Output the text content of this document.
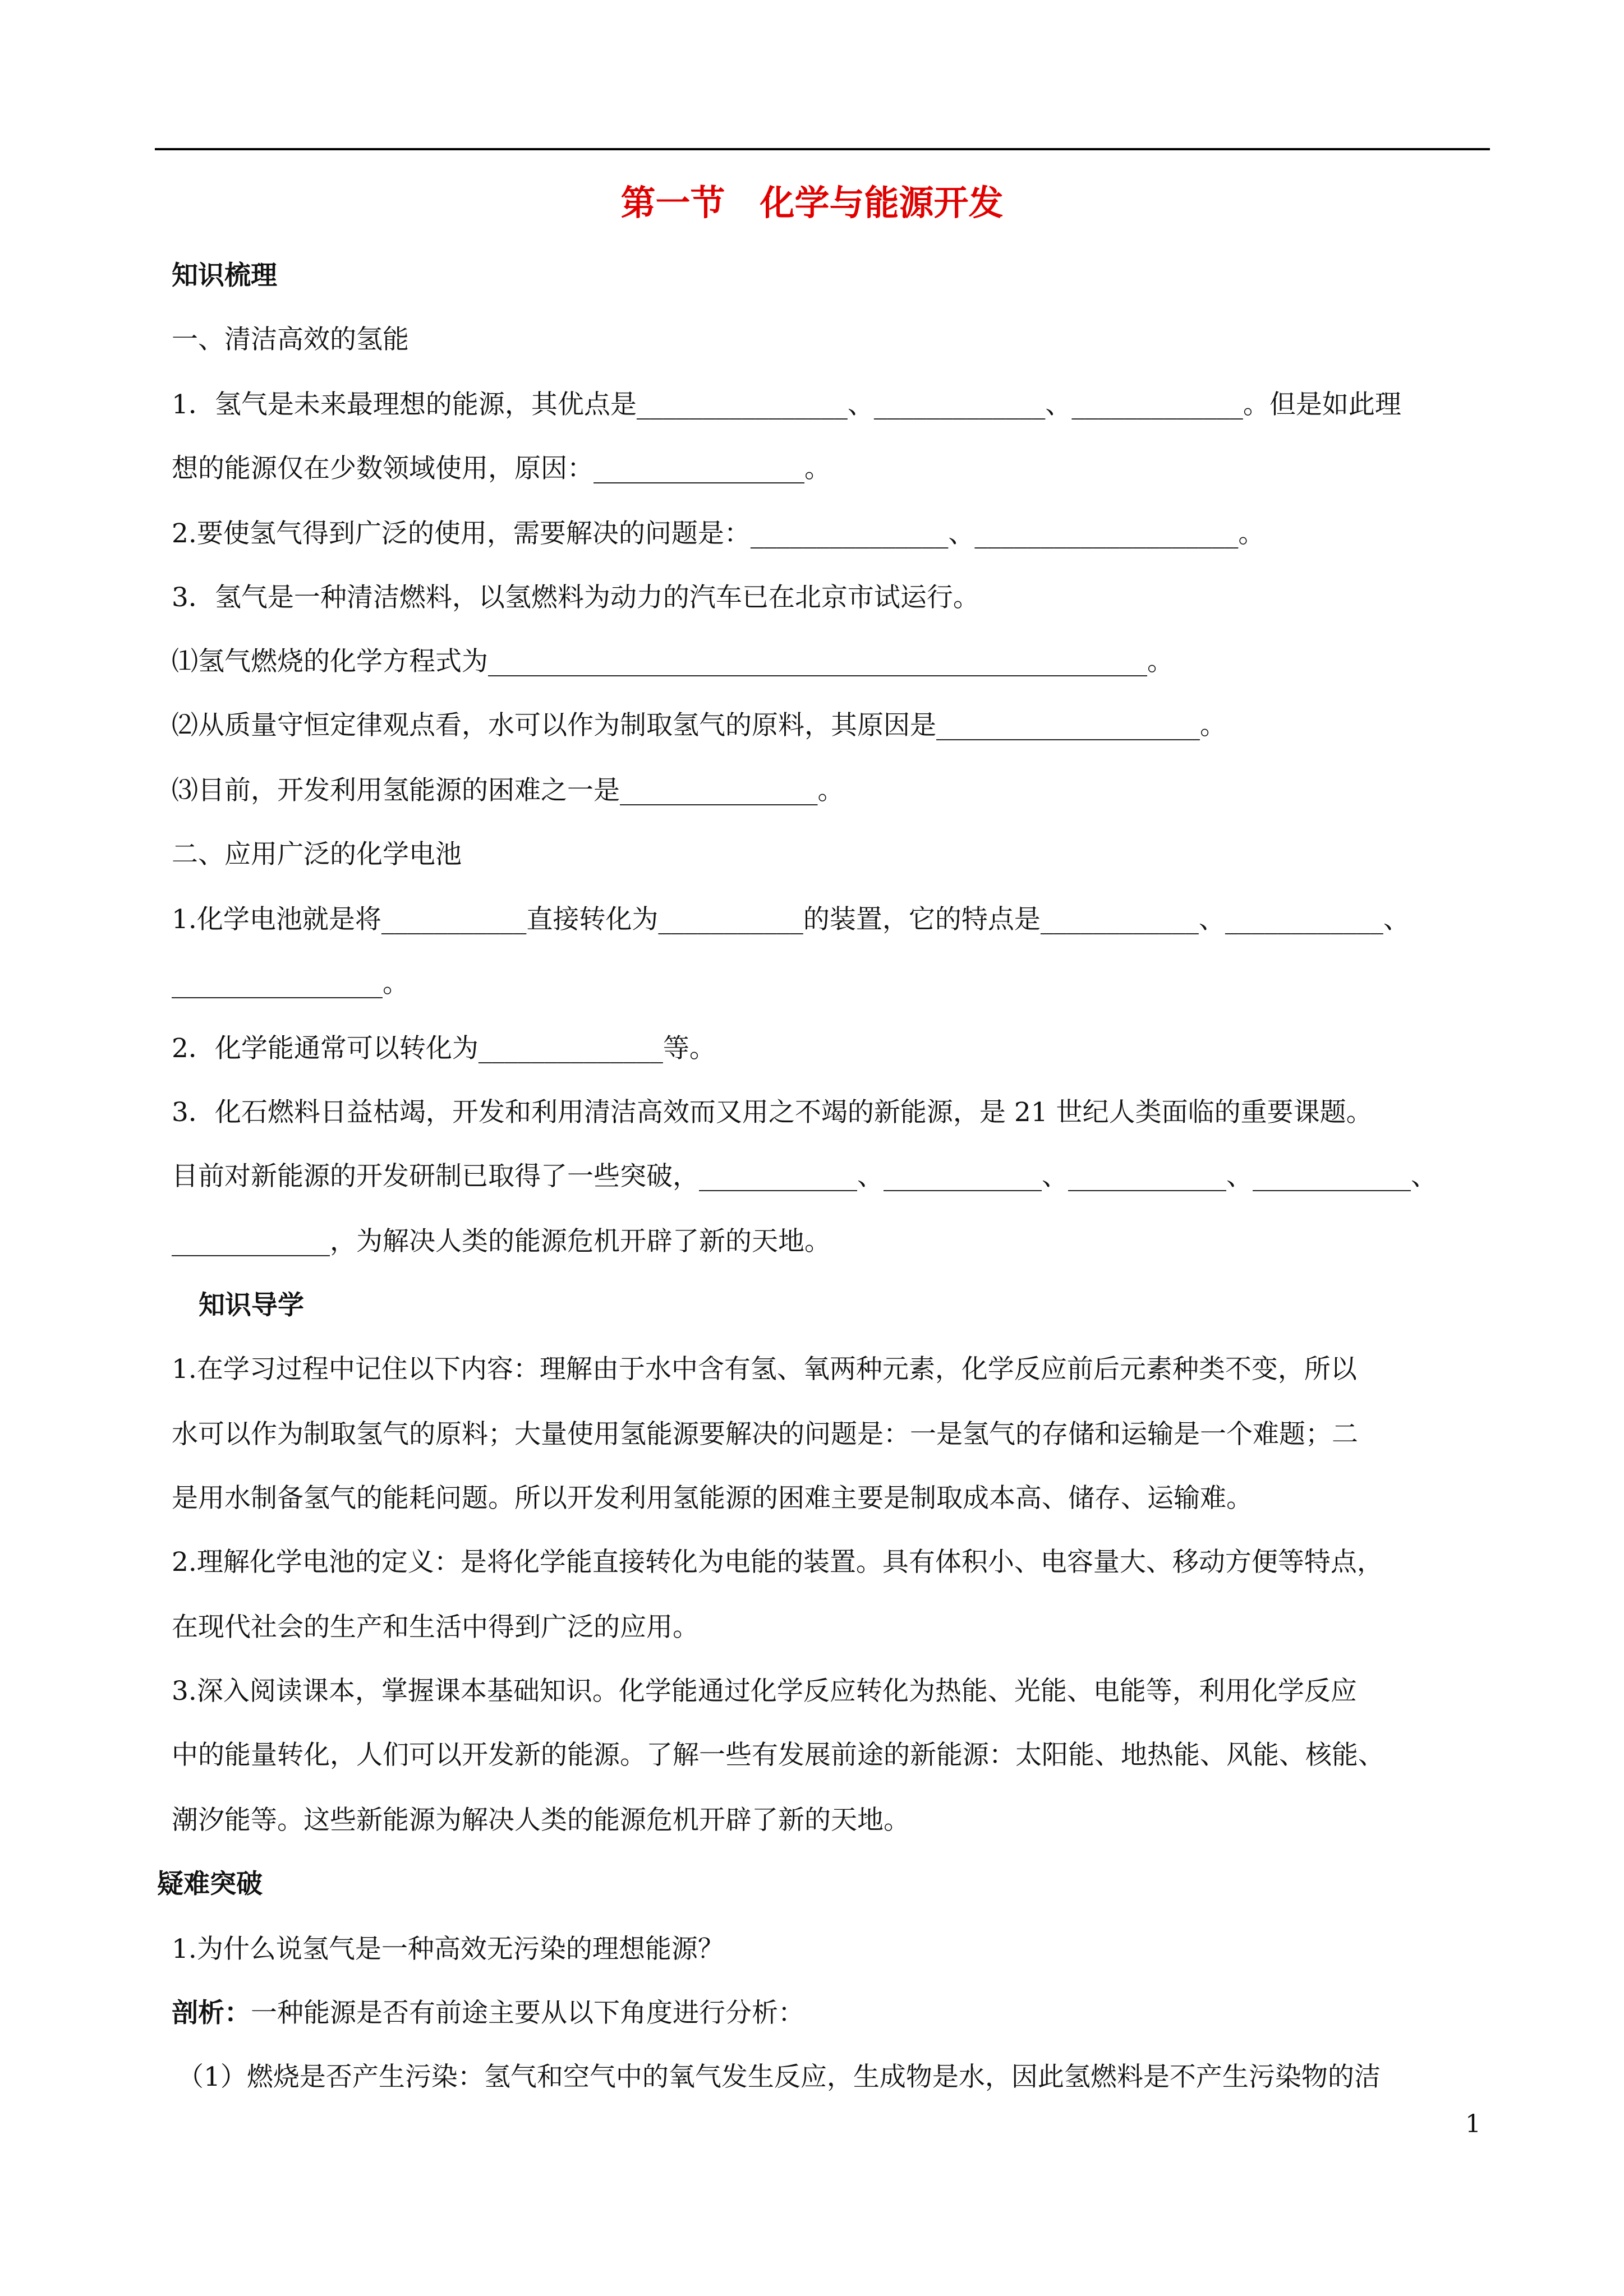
第一节　化学与能源开发
知识梳理
一、清洁高效的氢能
1．氢气是未来最理想的能源，其优点是________________、_____________、_____________。但是如此理
想的能源仅在少数领域使用，原因：________________。
2.要使氢气得到广泛的使用，需要解决的问题是：_______________、____________________。
3．氢气是一种清洁燃料，以氢燃料为动力的汽车已在北京市试运行。
⑴氢气燃烧的化学方程式为__________________________________________________。
⑵从质量守恒定律观点看，水可以作为制取氢气的原料，其原因是____________________。
⑶目前，开发利用氢能源的困难之一是_______________。
二、应用广泛的化学电池
1.化学电池就是将___________直接转化为___________的装置，它的特点是____________、____________、
________________。
2．化学能通常可以转化为______________等。
3．化石燃料日益枯竭，开发和利用清洁高效而又用之不竭的新能源，是 21 世纪人类面临的重要课题。
目前对新能源的开发研制已取得了一些突破，____________、____________、____________、____________、
____________，为解决人类的能源危机开辟了新的天地。
知识导学
1.在学习过程中记住以下内容：理解由于水中含有氢、氧两种元素，化学反应前后元素种类不变，所以
水可以作为制取氢气的原料；大量使用氢能源要解决的问题是：一是氢气的存储和运输是一个难题；二
是用水制备氢气的能耗问题。所以开发利用氢能源的困难主要是制取成本高、储存、运输难。
2.理解化学电池的定义：是将化学能直接转化为电能的装置。具有体积小、电容量大、移动方便等特点，
在现代社会的生产和生活中得到广泛的应用。
3.深入阅读课本，掌握课本基础知识。化学能通过化学反应转化为热能、光能、电能等，利用化学反应
中的能量转化，人们可以开发新的能源。了解一些有发展前途的新能源：太阳能、地热能、风能、核能、
潮汐能等。这些新能源为解决人类的能源危机开辟了新的天地。
疑难突破
1.为什么说氢气是一种高效无污染的理想能源？
剖析：一种能源是否有前途主要从以下角度进行分析：
（1）燃烧是否产生污染：氢气和空气中的氧气发生反应，生成物是水，因此氢燃料是不产生污染物的洁
1
